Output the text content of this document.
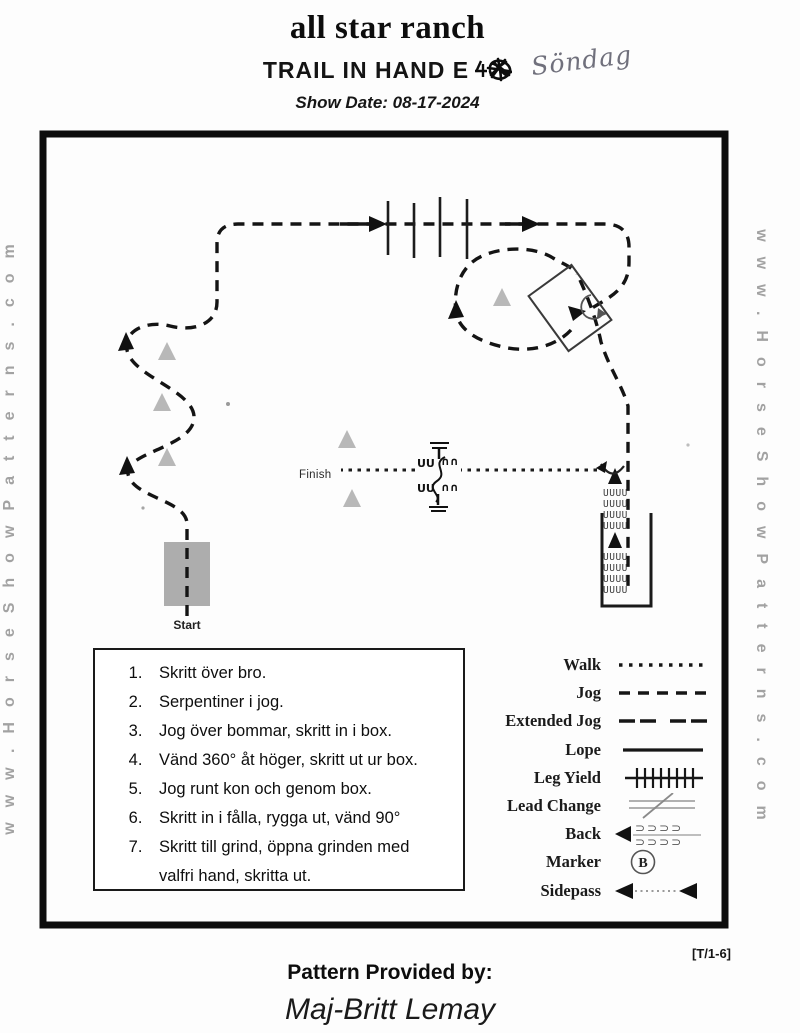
all star ranch
TRAIL IN HAND E
Show Date: 08-17-2024
Söndag
www.HorseShowPatterns.com	www.HorseShowPatterns.com
UUUU
UUUU
UUUU
UUUU
UUUU
UUUU
UUUU
UUUU
UU ∩∩
UU ∩∩
Start
Finish
1. Skritt över bro.
2. Serpentiner i jog.
3. Jog över bommar, skritt in i box.
4. Vänd 360° åt höger, skritt ut ur box.
5. Jog runt kon och genom box.
6. Skritt in i fålla, rygga ut, vänd 90°
7. Skritt till grind, öppna grinden med valfri hand, skritta ut.
Walk
Jog
Extended Jog
Lope
Leg Yield
Lead Change
Back	⊃⊃⊃⊃
⊃⊃⊃⊃
Marker	B
Sidepass
[T/1-6]
Pattern Provided by:
Maj-Britt Lemay
